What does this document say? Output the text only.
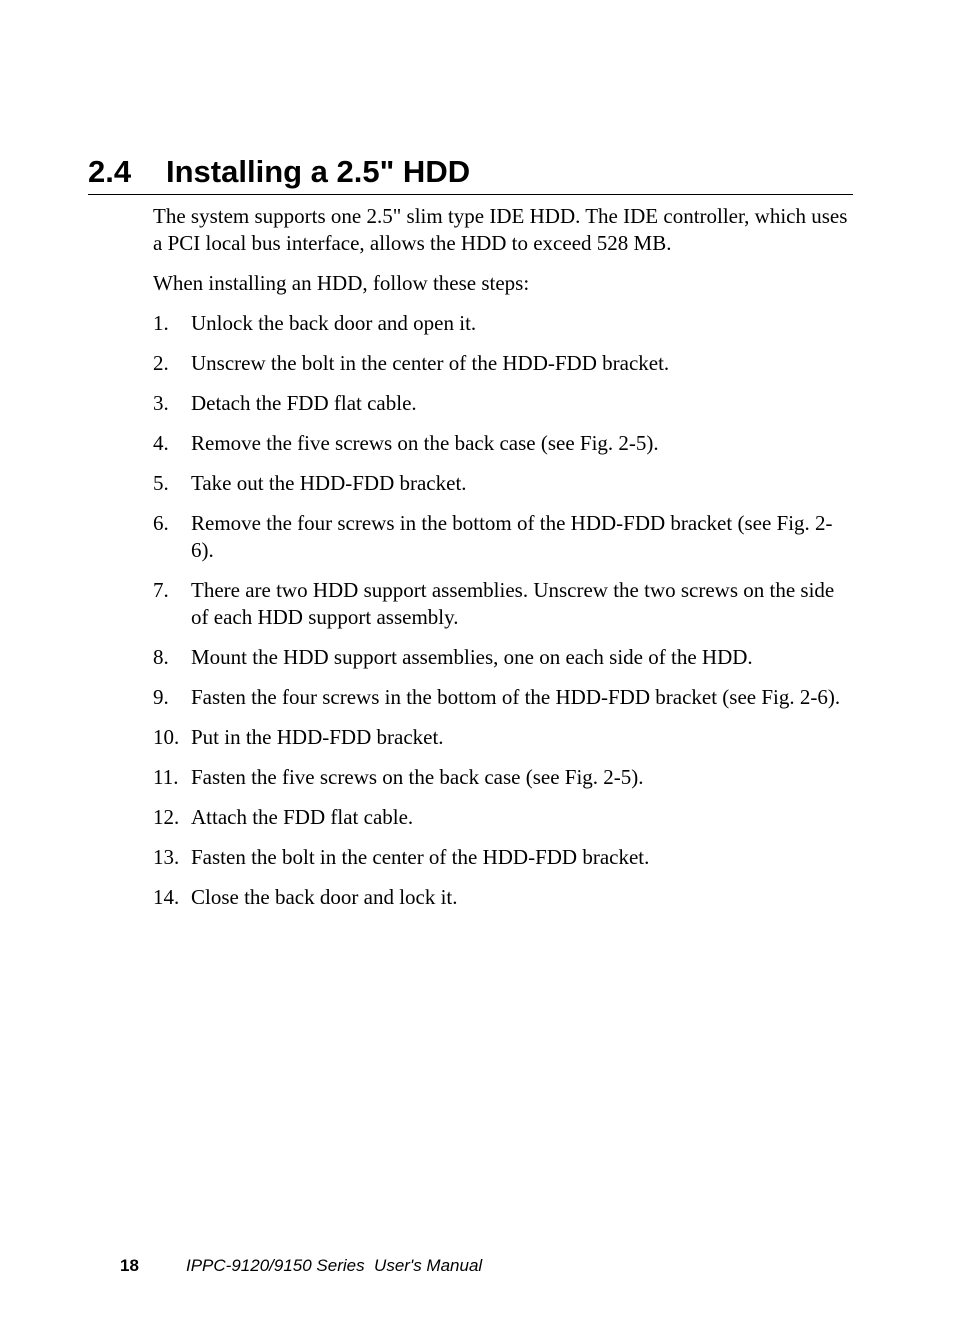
2.4 Installing a 2.5" HDD

The system supports one 2.5" slim type IDE HDD. The IDE controller, which uses a PCI local bus interface, allows the HDD to exceed 528 MB.

When installing an HDD, follow these steps:

1.	Unlock the back door and open it.
2.	Unscrew the bolt in the center of the HDD-FDD bracket.
3.	Detach the FDD flat cable.
4.	Remove the five screws on the back case (see Fig. 2-5).
5.	Take out the HDD-FDD bracket.
6.	Remove the four screws in the bottom of the HDD-FDD bracket (see Fig. 2-6).
7.	There are two HDD support assemblies. Unscrew the two screws on the side of each HDD support assembly.
8.	Mount the HDD support assemblies, one on each side of the HDD.
9.	Fasten the four screws in the bottom of the HDD-FDD bracket (see Fig. 2-6).
10. Put in the HDD-FDD bracket.
11. Fasten the five screws on the back case (see Fig. 2-5).
12. Attach the FDD flat cable.
13. Fasten the bolt in the center of the HDD-FDD bracket.
14. Close the back door and lock it.
18	IPPC-9120/9150 Series  User's Manual
